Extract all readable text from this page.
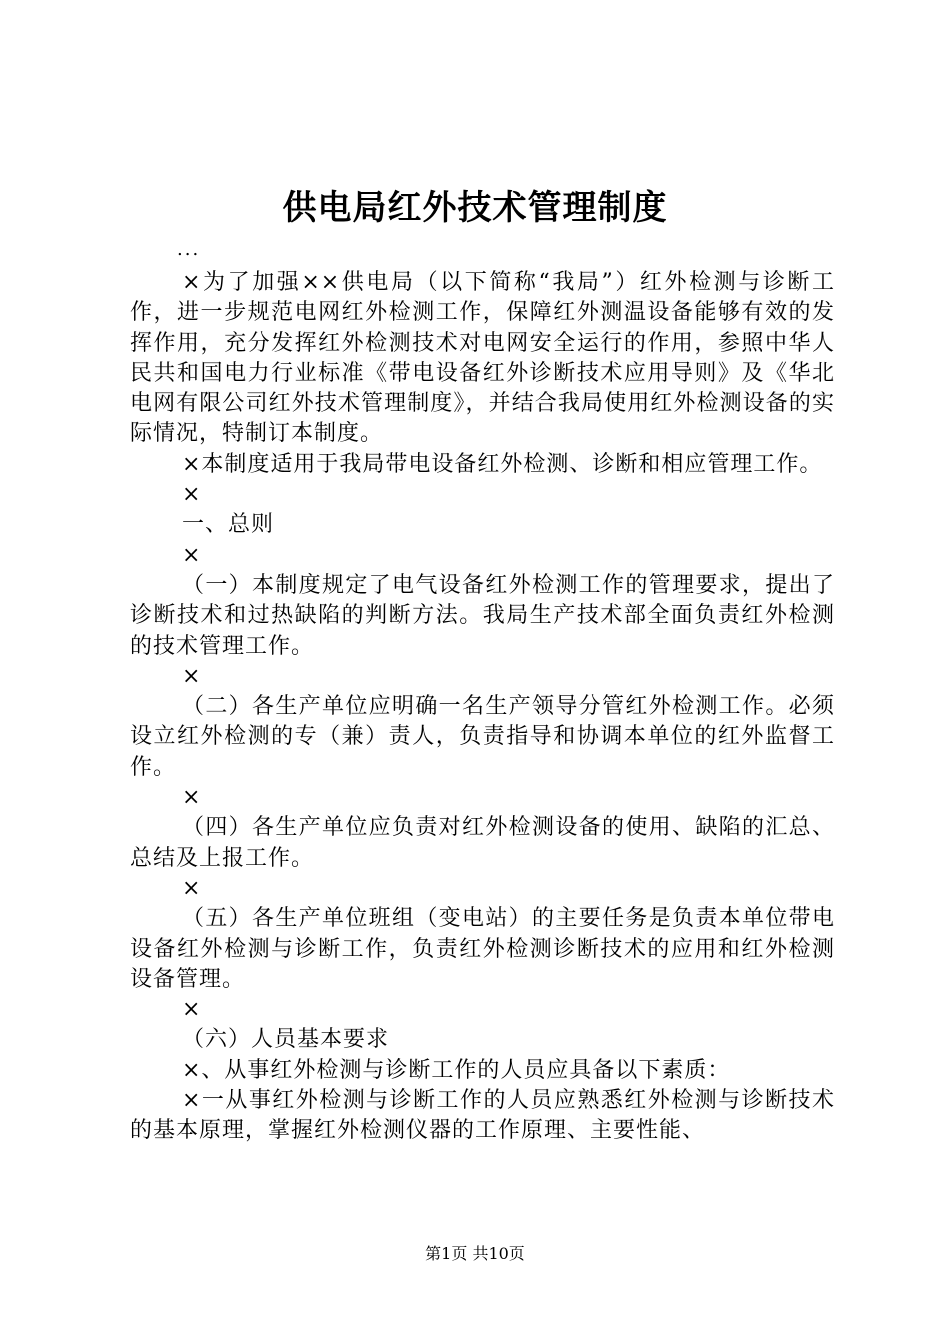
供电局红外技术管理制度
...

×为了加强××供电局（以下简称“我局”）红外检测与诊断工作，进一步规范电网红外检测工作，保障红外测温设备能够有效的发挥作用，充分发挥红外检测技术对电网安全运行的作用，参照中华人民共和国电力行业标准《带电设备红外诊断技术应用导则》及《华北电网有限公司红外技术管理制度》，并结合我局使用红外检测设备的实际情况，特制订本制度。

×本制度适用于我局带电设备红外检测、诊断和相应管理工作。

×

一、总则

×

（一）本制度规定了电气设备红外检测工作的管理要求，提出了诊断技术和过热缺陷的判断方法。我局生产技术部全面负责红外检测的技术管理工作。

×

（二）各生产单位应明确一名生产领导分管红外检测工作。必须设立红外检测的专（兼）责人，负责指导和协调本单位的红外监督工作。

×

（四）各生产单位应负责对红外检测设备的使用、缺陷的汇总、总结及上报工作。

×

（五）各生产单位班组（变电站）的主要任务是负责本单位带电设备红外检测与诊断工作，负责红外检测诊断技术的应用和红外检测设备管理。

×

（六）人员基本要求

×、从事红外检测与诊断工作的人员应具备以下素质：

×一从事红外检测与诊断工作的人员应熟悉红外检测与诊断技术的基本原理，掌握红外检测仪器的工作原理、主要性能、

第1页 共10页
